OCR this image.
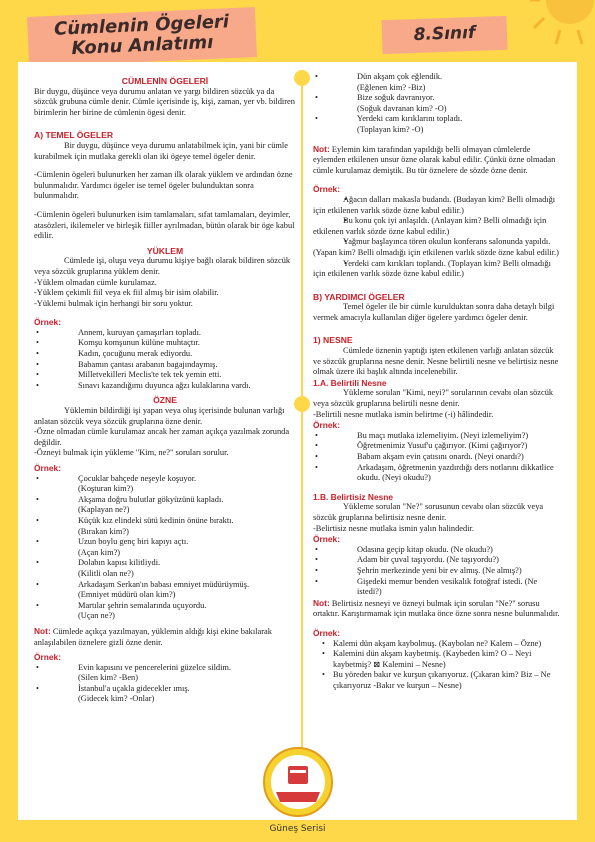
Cümlenin Ögeleri
Konu Anlatımı	8.Sınıf
CÜMLENİN ÖGELERİ

Bir duygu, düşünce veya durumu anlatan ve yargı bildiren sözcük ya da sözcük grubuna cümle denir. Cümle içerisinde iş, kişi, zaman, yer vb. bildiren birimlerin her birine de cümlenin ögesi denir.

A) TEMEL ÖGELER

Bir duygu, düşünce veya durumu anlatabilmek için, yani bir cümle kurabilmek için mutlaka gerekli olan iki ögeye temel ögeler denir.

-Cümlenin ögeleri bulunurken her zaman ilk olarak yüklem ve ardından özne bulunmalıdır. Yardımcı ögeler ise temel ögeler bulunduktan sonra bulunmalıdır.

-Cümlenin ögeleri bulunurken isim tamlamaları, sıfat tamlamaları, deyimler, atasözleri, ikilemeler ve birleşik fiiller ayrılmadan, bütün olarak bir öge kabul edilir.

YÜKLEM
Cümlede işi, oluşu veya durumu kişiye bağlı olarak bildiren sözcük veya sözcük gruplarına yüklem denir.
-Yüklem olmadan cümle kurulamaz.
-Yüklem çekimli fiil veya ek fiil almış bir isim olabilir.

-Yüklemi bulmak için herhangi bir soru yoktur.

Örnek:
• Annem, kuruyan çamaşırları topladı.
• Komşu komşunun külüne muhtaçtır.
• Kadın, çocuğunu merak ediyordu.
• Babamın çantası arabanın bagajındaymış.
• Milletvekilleri Meclis'te tek tek yemin etti.
• Sınavı kazandığımı duyunca ağzı kulaklarına vardı.
ÖZNE
Yüklemin bildirdiği işi yapan veya oluş içerisinde bulunan varlığı anlatan sözcük veya sözcük gruplarına özne denir.
-Özne olmadan cümle kurulamaz ancak her zaman açıkça yazılmak zorunda değildir.

-Özneyi bulmak için yükleme "Kim, ne?" soruları sorulur.

Örnek:
• Çocuklar bahçede neşeyle koşuyor.
(Koşturan kim?)
• Akşama doğru bulutlar gökyüzünü kapladı.
(Kaplayan ne?)
• Küçük kız elindeki sütü kedinin önüne bıraktı.
(Bırakan kim?)
• Uzun boylu genç biri kapıyı açtı.
(Açan kim?)
• Dolabın kapısı kilitliydi.
(Kilitli olan ne?)
• Arkadaşım Serkan'ın babası emniyet müdürüymüş.
(Emniyet müdürü olan kim?)
• Martılar şehrin semalarında uçuyordu.
(Uçan ne?)

Not: Cümlede açıkça yazılmayan, yüklemin aldığı kişi ekine bakılarak anlaşılabilen öznelere gizli özne denir.

Örnek:
• Evin kapısını ve pencerelerini güzelce sildim.
(Silen kim? -Ben)
• İstanbul'a uçakla gidecekler ımış.
(Gidecek kim? -Onlar)
• Dün akşam çok eğlendik.
(Eğlenen kim? -Biz)
• Bize soğuk davranıyor.
(Soğuk davranan kim? -O)
• Yerdeki cam kırıklarını topladı.
(Toplayan kim? -O)

Not: Eylemin kim tarafından yapıldığı belli olmayan cümlelerde eylemden etkilenen unsur özne olarak kabul edilir. Çünkü özne olmadan cümle kurulamaz demiştik. Bu tür öznelere de sözde özne denir.

Örnek:
• Ağacın dalları makasla budandı. (Budayan kim? Belli olmadığı için etkilenen varlık sözde özne kabul edilir.)
• Bu konu çok iyi anlaşıldı. (Anlayan kim? Belli olmadığı için etkilenen varlık sözde özne kabul edilir.)
• Yağmur başlayınca tören okulun konferans salonunda yapıldı. (Yapan kim? Belli olmadığı için etkilenen varlık sözde özne kabul edilir.)
• Yerdeki cam kırıkları toplandı. (Toplayan kim? Belli olmadığı için etkilenen varlık sözde özne kabul edilir.)
B) YARDIMCI ÖGELER

Temel ögeler ile bir cümle kurulduktan sonra daha detaylı bilgi vermek amacıyla kullanılan diğer ögelere yardımcı ögeler denir.

1) NESNE
Cümlede öznenin yaptığı işten etkilenen varlığı anlatan sözcük ve sözcük gruplarına nesne denir. Nesne belirtili nesne ve belirtisiz nesne olmak üzere iki başlık altında incelenebilir.
1.A. Belirtili Nesne
Yükleme sorulan "Kimi, neyi?" sorularının cevabı olan sözcük veya sözcük gruplarına belirtili nesne denir.
-Belirtili nesne mutlaka ismin belirtme (-i) hâlindedir.
Örnek:
• Bu maçı mutlaka izlemeliyim. (Neyi izlemeliyim?)
• Öğretmenimiz Yusuf'u çağırıyor. (Kimi çağırıyor?)
• Babam akşam evin çatısını onardı. (Neyi onardı?)
• Arkadaşım, öğretmenin yazdırdığı ders notlarını dikkatlice okudu. (Neyi okudu?)
1.B. Belirtisiz Nesne
Yükleme sorulan "Ne?" sorusunun cevabı olan sözcük veya sözcük gruplarına belirtisiz nesne denir.
-Belirtisiz nesne mutlaka ismin yalın halindedir.
Örnek:
• Odasına geçip kitap okudu. (Ne okudu?)
• Adam bir çuval taşıyordu. (Ne taşıyordu?)
• Şehrin merkezinde yeni bir ev almış. (Ne almış?)
• Gişedeki memur benden vesikalık fotoğraf istedi. (Ne istedi?)

Not: Belirtisiz nesneyi ve özneyi bulmak için sorulan "Ne?" sorusu ortaktır. Karıştırmamak için mutlaka önce özne sonra nesne bulunmalıdır.

Örnek:
• Kalemi dün akşam kaybolmuş. (Kaybolan ne? Kalem – Özne)
• Kalemini dün akşam kaybetmiş. (Kaybeden kim? O – Neyi kaybetmiş? ⊠ Kalemini – Nesne)
• Bu yöreden bakır ve kurşun çıkarıyoruz. (Çıkaran kim? Biz – Ne çıkarıyoruz -Bakır ve kurşun – Nesne)
Güneş Serisi
